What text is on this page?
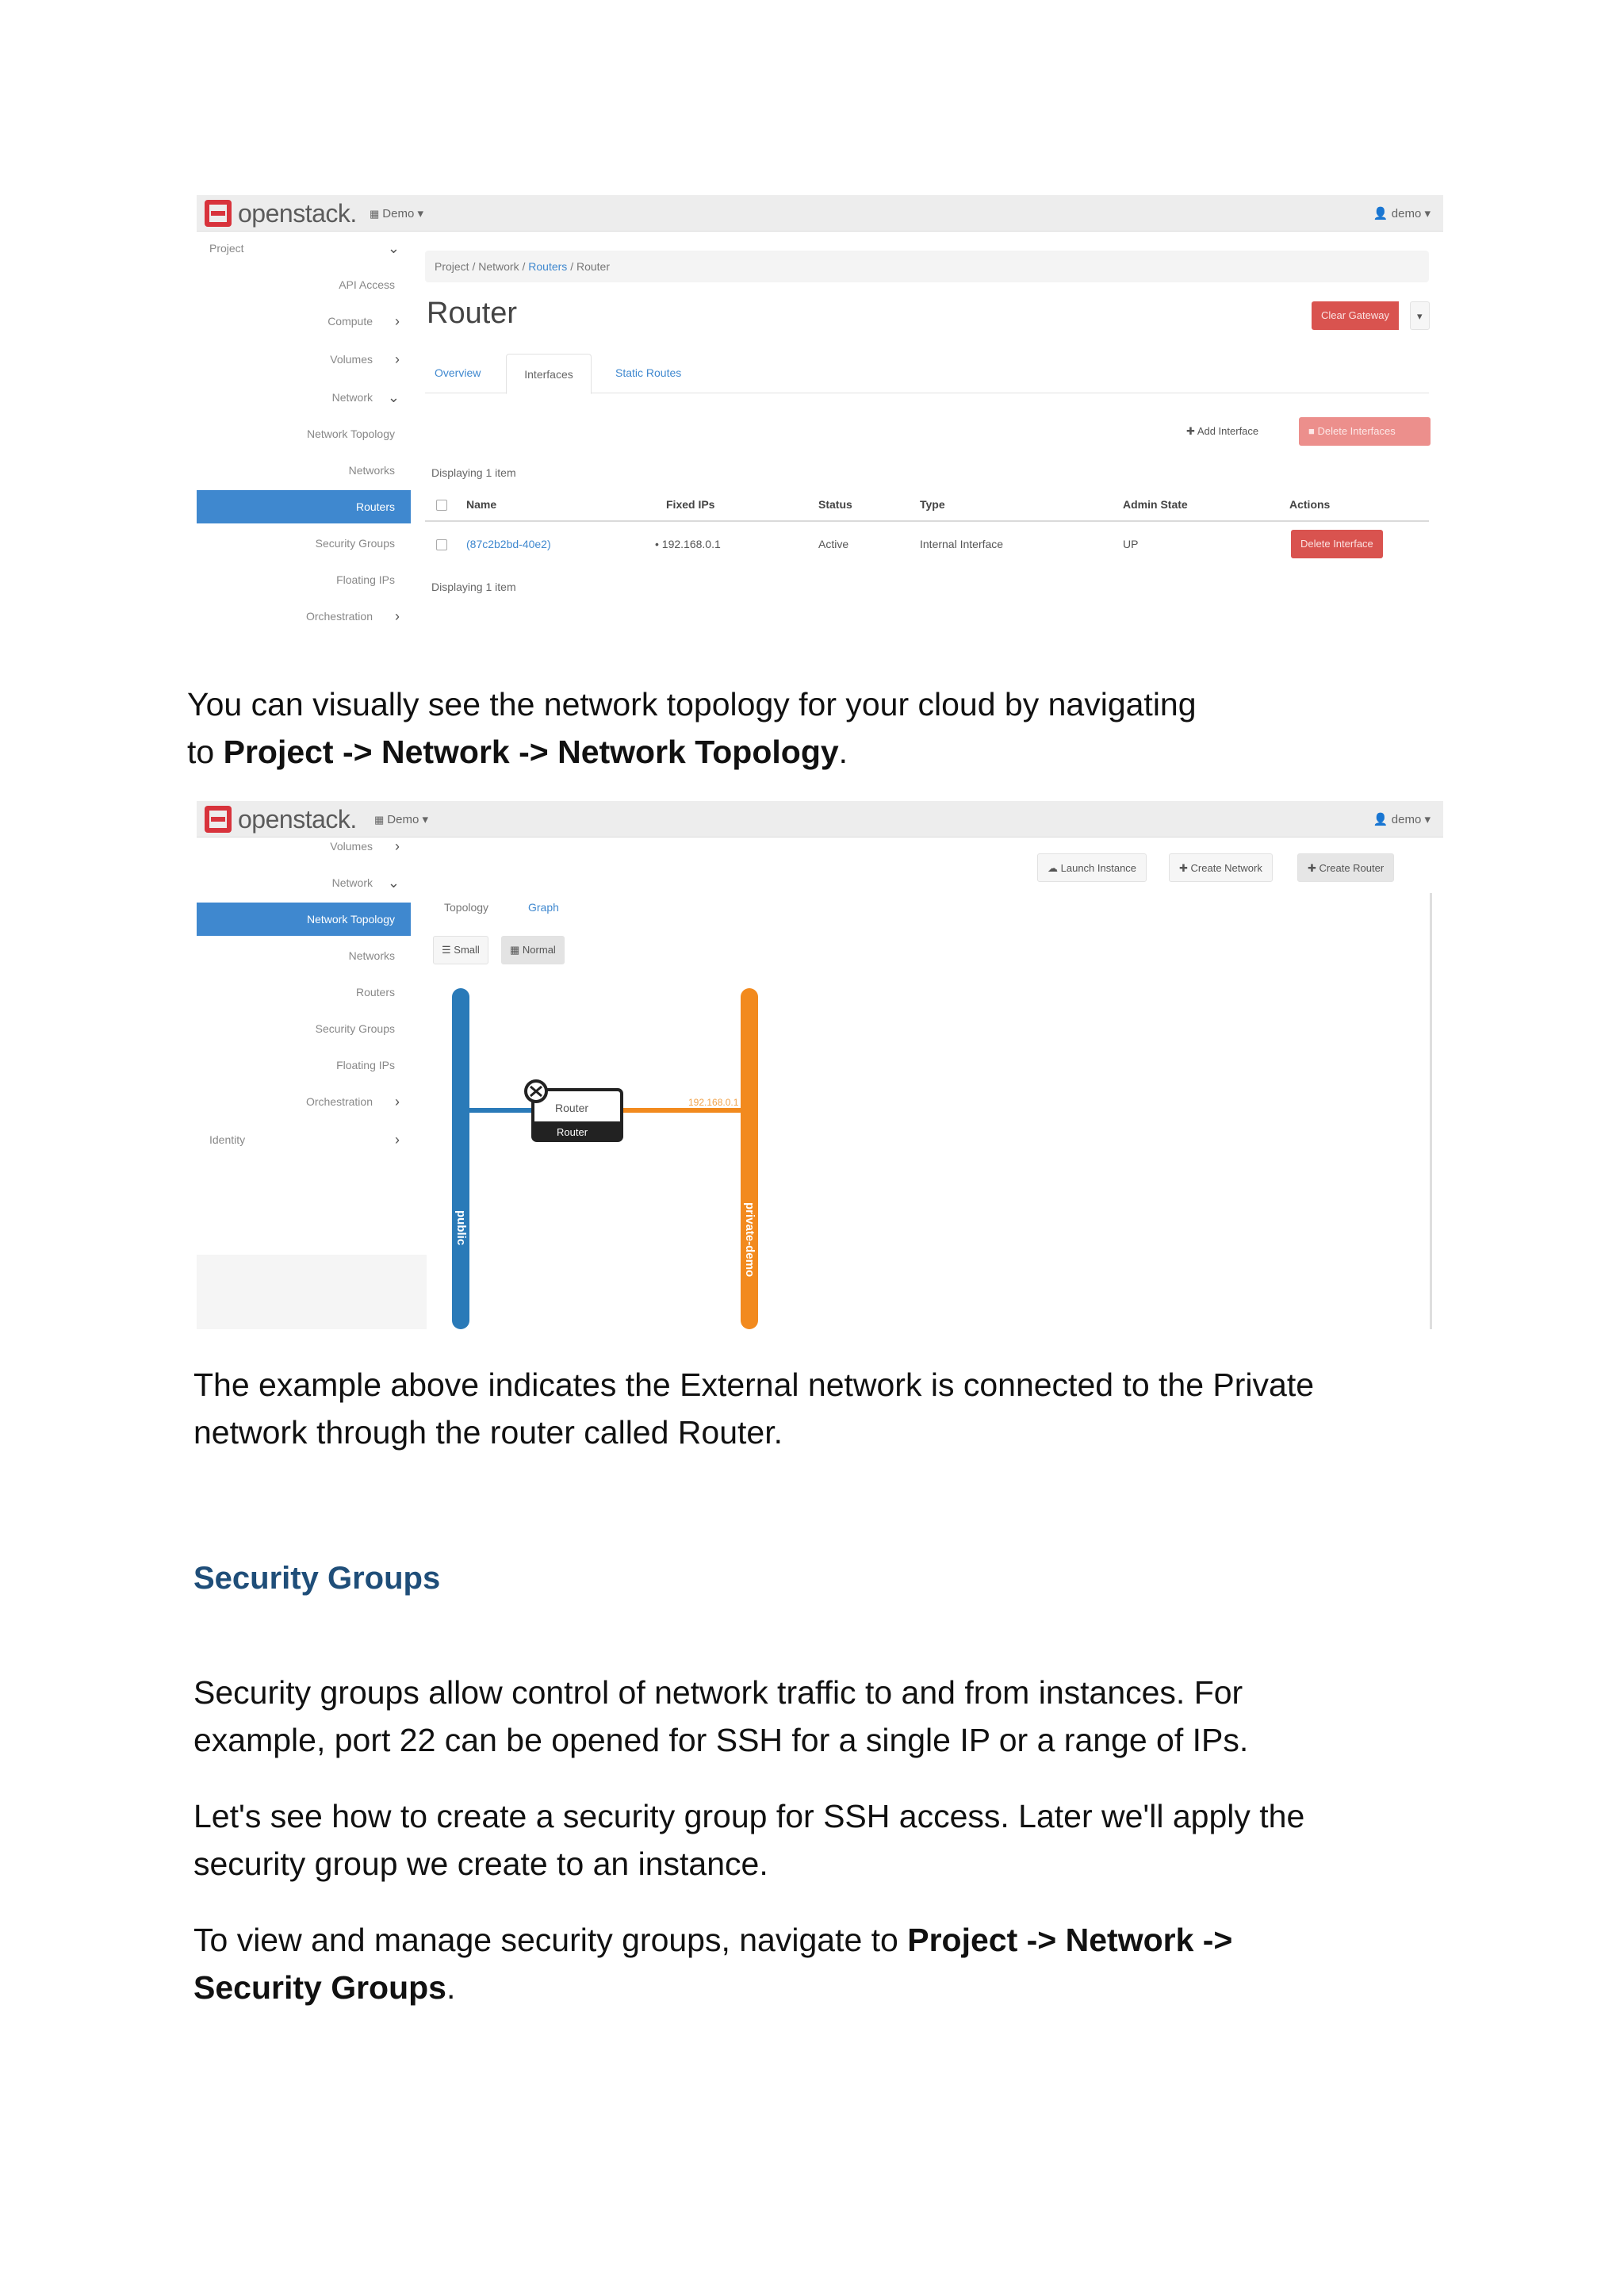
openstack. ▦ Demo ▾	👤 demo ▾
Project	⌄
API Access
Compute ›
Volumes ›
Network ⌄
Network Topology
Networks
Routers
Security Groups
Floating IPs
Orchestration ›
Project / Network / Routers / Router
Router	Clear Gateway	▾
Overview	Interfaces	Static Routes
✚ Add Interface	■ Delete Interfaces
Displaying 1 item
Name	Fixed IPs	Status	Type	Admin State	Actions
(87c2b2bd-40e2)	• 192.168.0.1	Active	Internal Interface	UP	Delete Interface
Displaying 1 item
You can visually see the network topology for your cloud by navigating
to Project -> Network -> Network Topology.
openstack. ▦ Demo ▾	👤 demo ▾
Volumes ›
Network ⌄
Network Topology
Networks
Routers
Security Groups
Floating IPs
Orchestration ›
Identity	›
☁ Launch Instance	✚ Create Network	✚ Create Router
Topology	Graph
☰ Small	▦ Normal
public	private-demo
192.168.0.1
Router
Router
The example above indicates the External network is connected to the Private
network through the router called Router.
Security Groups
Security groups allow control of network traffic to and from instances. For
example, port 22 can be opened for SSH for a single IP or a range of IPs.
Let's see how to create a security group for SSH access. Later we'll apply the
security group we create to an instance.
To view and manage security groups, navigate to Project -> Network ->
Security Groups.
